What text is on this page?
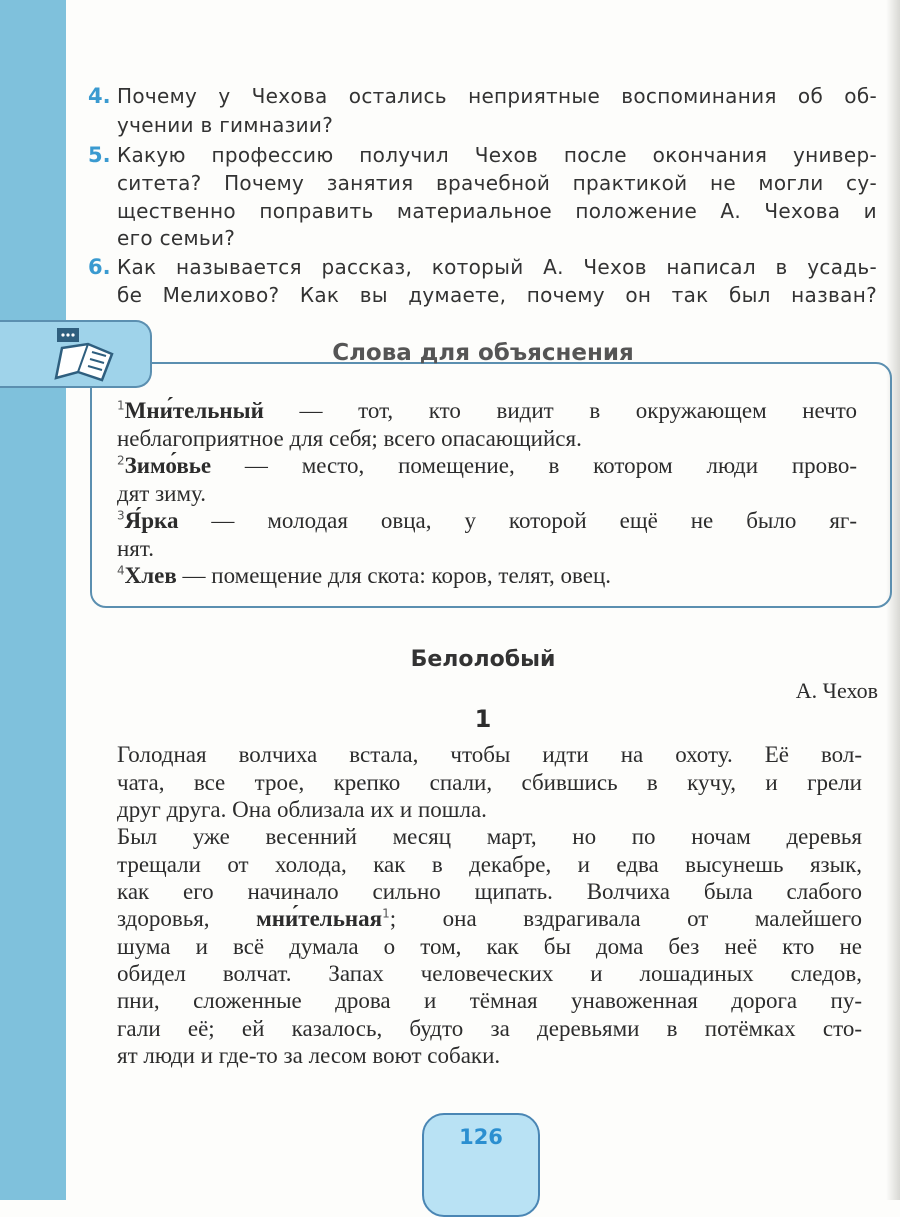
4. Почему у Чехова остались неприятные воспоминания об об-
учении в гимназии?
5. Какую профессию получил Чехов после окончания универ-
ситета? Почему занятия врачебной практикой не могли су-
щественно поправить материальное положение А. Чехова и
его семьи?
6. Как называется рассказ, который А. Чехов написал в усадь-
бе Мелихово? Как вы думаете, почему он так был назван?
Слова для объяснения
$^1$Мни́тельный — тот, кто видит в окружающем нечто
неблагоприятное для себя; всего опасающийся.
$^2$Зимо́вье — место, помещение, в котором люди прово-
дят зиму.
$^3$Я́рка — молодая овца, у которой ещё не было яг-
нят.
$^4$Хлев — помещение для скота: коров, телят, овец.
Белолобый
А. Чехов
1
Голодная волчиха встала, чтобы идти на охоту. Её вол-
чата, все трое, крепко спали, сбившись в кучу, и грели
друг друга. Она облизала их и пошла.
Был уже весенний месяц март, но по ночам деревья
трещали от холода, как в декабре, и едва высунешь язык,
как его начинало сильно щипать. Волчиха была слабого
здоровья, мни́тельная$^1$; она вздрагивала от малейшего
шума и всё думала о том, как бы дома без неё кто не
обидел волчат. Запах человеческих и лошадиных следов,
пни, сложенные дрова и тёмная унавоженная дорога пу-
гали её; ей казалось, будто за деревьями в потёмках сто-
ят люди и где-то за лесом воют собаки.
126
